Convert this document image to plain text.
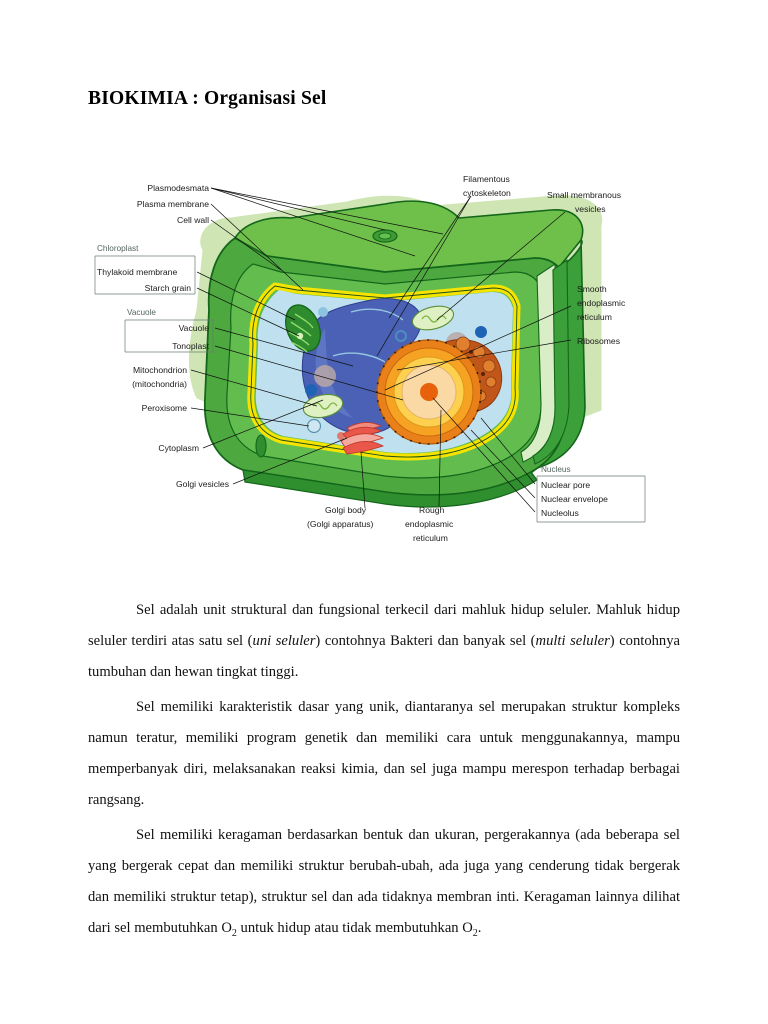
BIOKIMIA : Organisasi Sel
Plasmodesmata
Plasma membrane
Cell wall
Chloroplast
Thylakoid membrane
Starch grain
Vacuole
Vacuole
Tonoplast
Mitochondrion
(mitochondria)
Peroxisome
Cytoplasm
Golgi vesicles
Golgi body
(Golgi apparatus)
Rough
endoplasmic
reticulum
Filamentous
cytoskeleton	Small membranous
vesicles
Smooth
endoplasmic
reticulum
Ribosomes
Nucleus
Nuclear pore
Nuclear envelope
Nucleolus

Sel adalah unit struktural dan fungsional terkecil dari mahluk hidup seluler. Mahluk hidup seluler terdiri atas satu sel (uni seluler) contohnya Bakteri dan banyak sel (multi seluler) contohnya tumbuhan dan hewan tingkat tinggi.

Sel memiliki karakteristik dasar yang unik, diantaranya sel merupakan struktur kompleks namun teratur, memiliki program genetik dan memiliki cara untuk menggunakannya, mampu memperbanyak diri, melaksanakan reaksi kimia, dan sel juga mampu merespon terhadap berbagai rangsang.

Sel memiliki keragaman berdasarkan bentuk dan ukuran, pergerakannya (ada beberapa sel yang bergerak cepat dan memiliki struktur berubah-ubah, ada juga yang cenderung tidak bergerak dan memiliki struktur tetap), struktur sel dan ada tidaknya membran inti. Keragaman lainnya dilihat dari sel membutuhkan $O_2$ untuk hidup atau tidak membutuhkan $O_2$.
